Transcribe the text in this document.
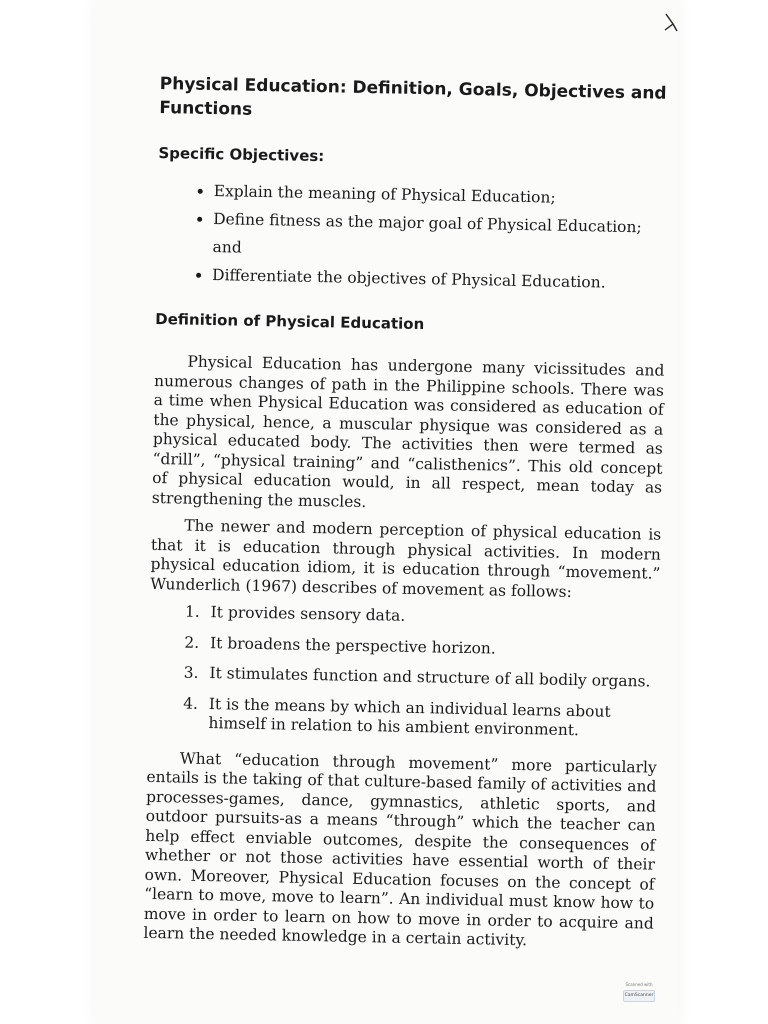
Physical Education: Definition, Goals, Objectives and Functions
Specific Objectives:
• Explain the meaning of Physical Education;
• Define fitness as the major goal of Physical Education; and
• Differentiate the objectives of Physical Education.
Definition of Physical Education

Physical Education has undergone many vicissitudes and numerous changes of path in the Philippine schools. There was a time when Physical Education was considered as education of the physical, hence, a muscular physique was considered as a physical educated body. The activities then were termed as “drill”, “physical training” and “calisthenics”. This old concept of physical education would, in all respect, mean today as strengthening the muscles.

The newer and modern perception of physical education is that it is education through physical activities. In modern physical education idiom, it is education through “movement.” Wunderlich (1967) describes of movement as follows:

1. It provides sensory data.
2. It broadens the perspective horizon.
3. It stimulates function and structure of all bodily organs.
4. It is the means by which an individual learns about himself in relation to his ambient environment.

What “education through movement” more particularly entails is the taking of that culture-based family of activities and processes-games, dance, gymnastics, athletic sports, and outdoor pursuits-as a means “through” which the teacher can help effect enviable outcomes, despite the consequences of whether or not those activities have essential worth of their own. Moreover, Physical Education focuses on the concept of “learn to move, move to learn”. An individual must know how to move in order to learn on how to move in order to acquire and learn the needed knowledge in a certain activity.

Scanned with
CamScanner
